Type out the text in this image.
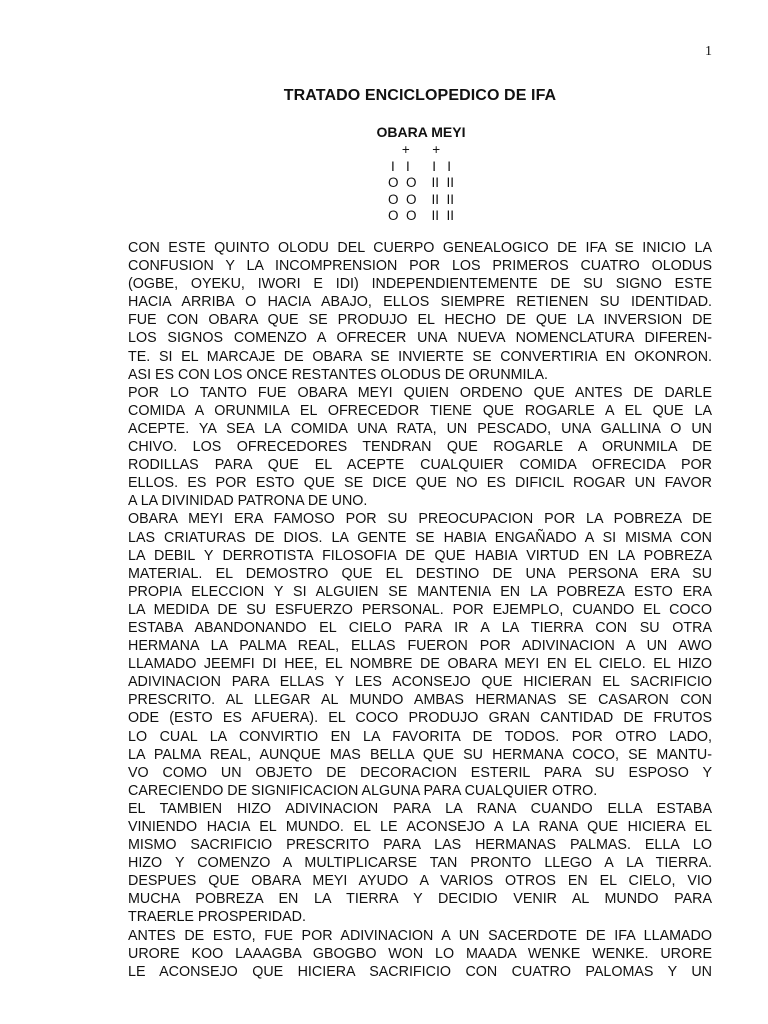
1
TRATADO ENCICLOPEDICO DE IFA
OBARA MEYI
+      +
I   I      I   I
O  O    II  II
O  O    II  II
O  O    II  II
CON ESTE QUINTO OLODU DEL CUERPO GENEALOGICO DE IFA SE INICIO LA
CONFUSION Y LA INCOMPRENSION POR LOS PRIMEROS CUATRO OLODUS
(OGBE, OYEKU, IWORI E IDI) INDEPENDIENTEMENTE DE SU SIGNO ESTE
HACIA ARRIBA O HACIA ABAJO, ELLOS SIEMPRE RETIENEN SU IDENTIDAD.
FUE CON OBARA QUE SE PRODUJO EL HECHO DE QUE LA INVERSION DE
LOS SIGNOS COMENZO A OFRECER UNA NUEVA NOMENCLATURA DIFEREN-
TE. SI EL MARCAJE DE OBARA SE INVIERTE SE CONVERTIRIA EN OKONRON.
ASI ES CON LOS ONCE RESTANTES OLODUS DE ORUNMILA.
POR LO TANTO FUE OBARA MEYI QUIEN ORDENO QUE ANTES DE DARLE
COMIDA A ORUNMILA EL OFRECEDOR TIENE QUE ROGARLE A EL QUE LA
ACEPTE. YA SEA LA COMIDA UNA RATA, UN PESCADO, UNA GALLINA O UN
CHIVO. LOS OFRECEDORES TENDRAN QUE ROGARLE A ORUNMILA DE
RODILLAS PARA QUE EL ACEPTE CUALQUIER COMIDA OFRECIDA POR
ELLOS. ES POR ESTO QUE SE DICE QUE NO ES DIFICIL ROGAR UN FAVOR
A LA DIVINIDAD PATRONA DE UNO.
OBARA MEYI ERA FAMOSO POR SU PREOCUPACION POR LA POBREZA DE
LAS CRIATURAS DE DIOS. LA GENTE SE HABIA ENGAÑADO A SI MISMA CON
LA DEBIL Y DERROTISTA FILOSOFIA DE QUE HABIA VIRTUD EN LA POBREZA
MATERIAL. EL DEMOSTRO QUE EL DESTINO DE UNA PERSONA ERA SU
PROPIA ELECCION Y SI ALGUIEN SE MANTENIA EN LA POBREZA ESTO ERA
LA MEDIDA DE SU ESFUERZO PERSONAL. POR EJEMPLO, CUANDO EL COCO
ESTABA ABANDONANDO EL CIELO PARA IR A LA TIERRA CON SU OTRA
HERMANA LA PALMA REAL, ELLAS FUERON POR ADIVINACION A UN AWO
LLAMADO JEEMFI DI HEE, EL NOMBRE DE OBARA MEYI EN EL CIELO. EL HIZO
ADIVINACION PARA ELLAS Y LES ACONSEJO QUE HICIERAN EL SACRIFICIO
PRESCRITO. AL LLEGAR AL MUNDO AMBAS HERMANAS SE CASARON CON
ODE (ESTO ES AFUERA). EL COCO PRODUJO GRAN CANTIDAD DE FRUTOS
LO CUAL LA CONVIRTIO EN LA FAVORITA DE TODOS. POR OTRO LADO,
LA PALMA REAL, AUNQUE MAS BELLA QUE SU HERMANA COCO, SE MANTU-
VO COMO UN OBJETO DE DECORACION ESTERIL PARA SU ESPOSO Y
CARECIENDO DE SIGNIFICACION ALGUNA PARA CUALQUIER OTRO.
EL TAMBIEN HIZO ADIVINACION PARA LA RANA CUANDO ELLA ESTABA
VINIENDO HACIA EL MUNDO. EL LE ACONSEJO A LA RANA QUE HICIERA EL
MISMO SACRIFICIO PRESCRITO PARA LAS HERMANAS PALMAS. ELLA LO
HIZO Y COMENZO A MULTIPLICARSE TAN PRONTO LLEGO A LA TIERRA.
DESPUES QUE OBARA MEYI AYUDO A VARIOS OTROS EN EL CIELO, VIO
MUCHA POBREZA EN LA TIERRA Y DECIDIO VENIR AL MUNDO PARA
TRAERLE PROSPERIDAD.
ANTES DE ESTO, FUE POR ADIVINACION A UN SACERDOTE DE IFA LLAMADO
URORE KOO LAAAGBA GBOGBO WON LO MAADA WENKE WENKE. URORE
LE ACONSEJO QUE HICIERA SACRIFICIO CON CUATRO PALOMAS Y UN
